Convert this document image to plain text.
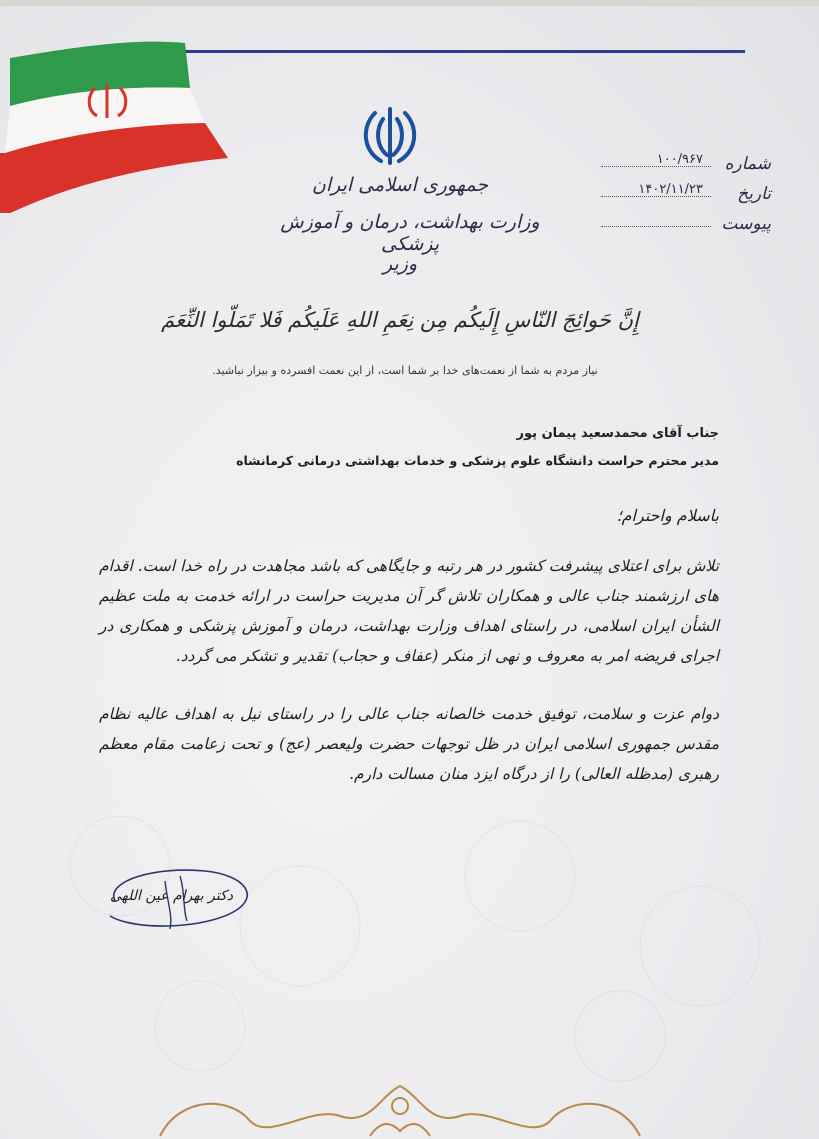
جمهوری اسلامی ایران
وزارت بهداشت، درمان و آموزش پزشکی
وزیر
شماره
۱۰۰/۹۶۷
تاریخ
۱۴۰۲/۱۱/۲۳
پیوست
إِنَّ حَوائِجَ النّاسِ إِلَيكُم مِن نِعَمِ اللهِ عَلَيكُم فَلا تَمَلّوا النِّعَمَ
نیاز مردم به شما از نعمت‌های خدا بر شما است، از این نعمت افسرده و بیزار نباشید.
جناب آقای محمدسعید پیمان پور
مدیر محترم حراست دانشگاه علوم پزشکی و خدمات بهداشتی درمانی کرمانشاه
باسلام واحترام؛

تلاش برای اعتلای پیشرفت کشور در هر رتبه و جایگاهی که باشد مجاهدت در راه خدا است. اقدام های ارزشمند جناب عالی و همکاران تلاش گر آن مدیریت حراست در ارائه خدمت به ملت عظیم الشأن ایران اسلامی، در راستای اهداف وزارت بهداشت، درمان و آموزش پزشکی و همکاری در اجرای فریضه امر به معروف و نهی از منکر (عفاف و حجاب) تقدیر و تشکر می گردد.

دوام عزت و سلامت، توفیق خدمت خالصانه جناب عالی را در راستای نیل به اهداف عالیه نظام مقدس جمهوری اسلامی ایران در ظل توجهات حضرت ولیعصر (عج) و تحت زعامت مقام معظم رهبری (مدظله العالی) را از درگاه ایزد منان مسالت دارم.

دکتر بهرام عین اللهی
